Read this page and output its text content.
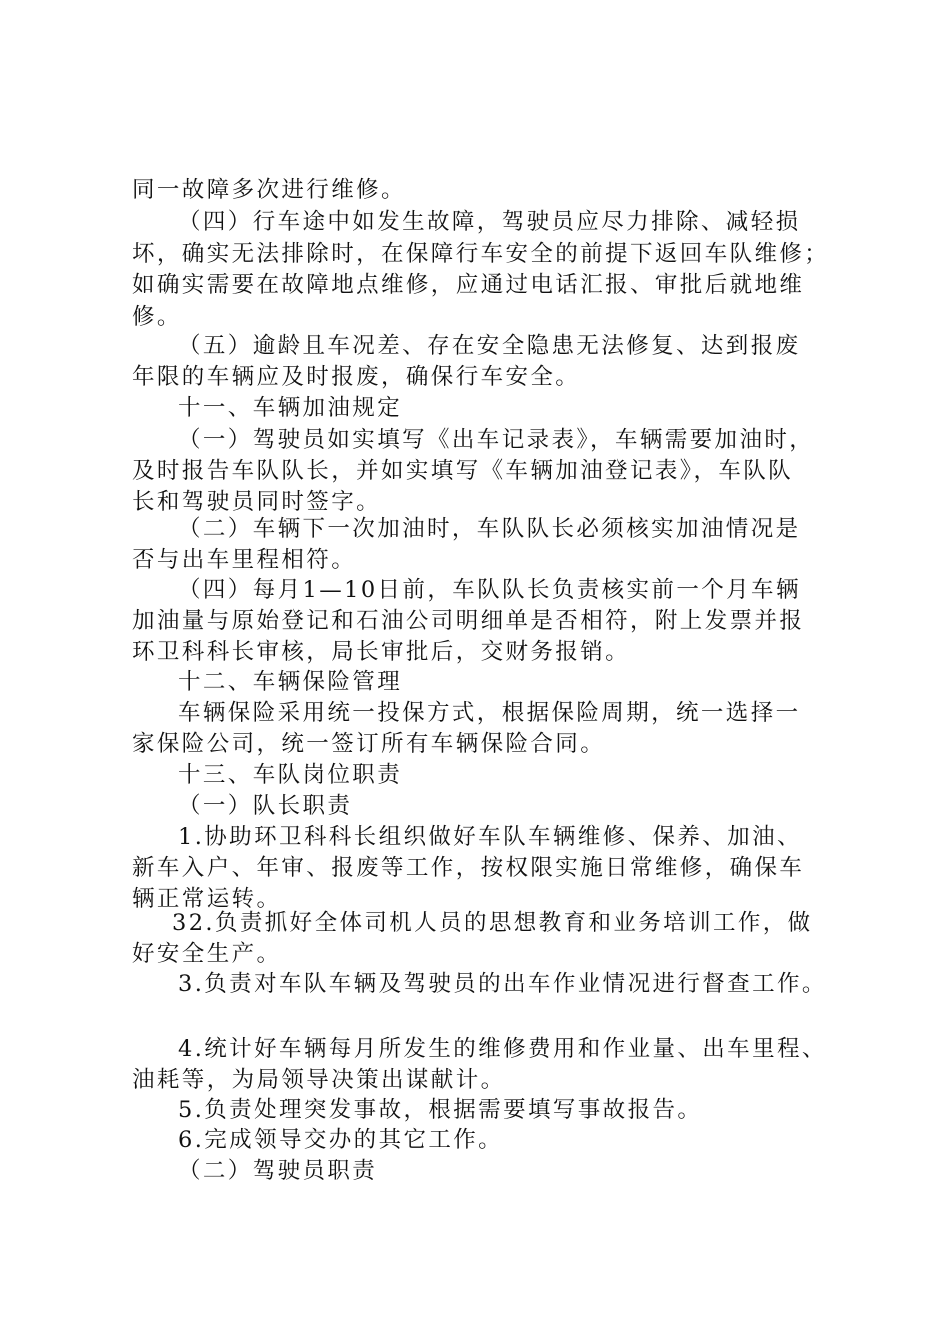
同一故障多次进行维修。
（四）行车途中如发生故障，驾驶员应尽力排除、减轻损
坏，确实无法排除时，在保障行车安全的前提下返回车队维修；
如确实需要在故障地点维修，应通过电话汇报、审批后就地维
修。
（五）逾龄且车况差、存在安全隐患无法修复、达到报废
年限的车辆应及时报废，确保行车安全。
十一、车辆加油规定
（一）驾驶员如实填写《出车记录表》，车辆需要加油时，
及时报告车队队长，并如实填写《车辆加油登记表》，车队队
长和驾驶员同时签字。
（二）车辆下一次加油时，车队队长必须核实加油情况是
否与出车里程相符。
（四）每月1—10日前，车队队长负责核实前一个月车辆
加油量与原始登记和石油公司明细单是否相符，附上发票并报
环卫科科长审核，局长审批后，交财务报销。
十二、车辆保险管理
车辆保险采用统一投保方式，根据保险周期，统一选择一
家保险公司，统一签订所有车辆保险合同。
十三、车队岗位职责
（一）队长职责
1.协助环卫科科长组织做好车队车辆维修、保养、加油、
新车入户、年审、报废等工作，按权限实施日常维修，确保车
辆正常运转。
32.负责抓好全体司机人员的思想教育和业务培训工作，做
好安全生产。
3.负责对车队车辆及驾驶员的出车作业情况进行督查工作。
4.统计好车辆每月所发生的维修费用和作业量、出车里程、
油耗等，为局领导决策出谋献计。
5.负责处理突发事故，根据需要填写事故报告。
6.完成领导交办的其它工作。
（二）驾驶员职责
